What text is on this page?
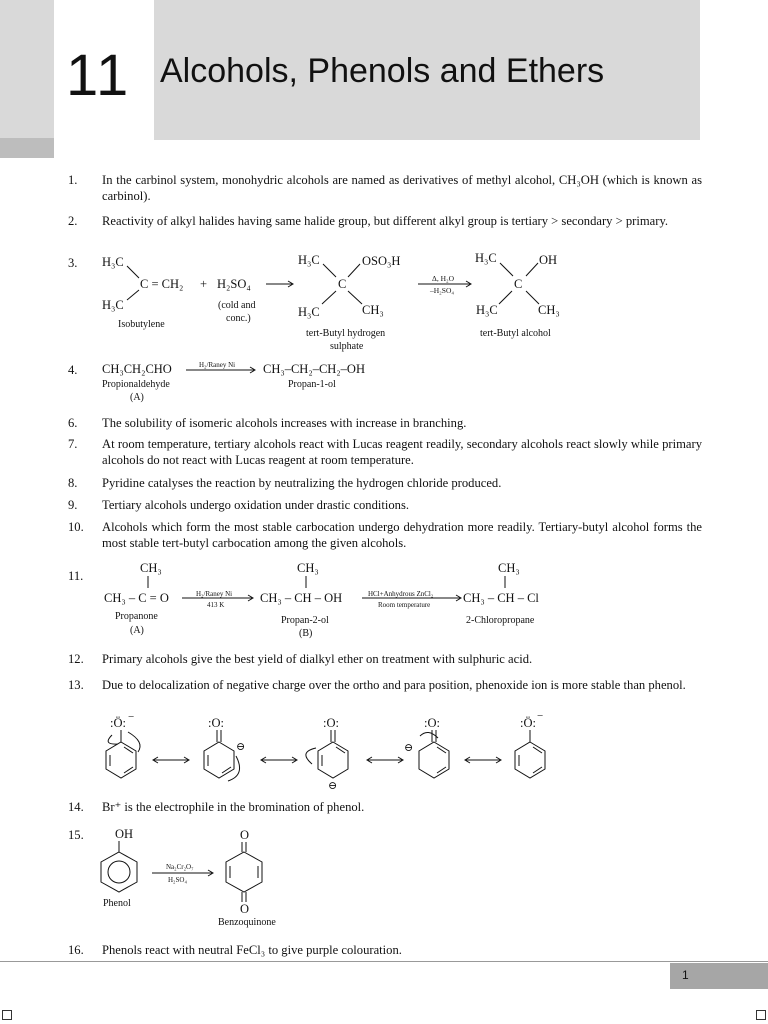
11 Alcohols, Phenols and Ethers
1. In the carbinol system, monohydric alcohols are named as derivatives of methyl alcohol, CH₃OH (which is known as carbinol).
2. Reactivity of alkyl halides having same halide group, but different alkyl group is tertiary > secondary > primary.
3.
4.
6. The solubility of isomeric alcohols increases with increase in branching.
7. At room temperature, tertiary alcohols react with Lucas reagent readily, secondary alcohols react slowly while primary alcohols do not react with Lucas reagent at room temperature.
8. Pyridine catalyses the reaction by neutralizing the hydrogen chloride produced.
9. Tertiary alcohols undergo oxidation under drastic conditions.
10. Alcohols which form the most stable carbocation undergo dehydration more readily. Tertiary-butyl alcohol forms the most stable tert-butyl carbocation among the given alcohols.
11.
12. Primary alcohols give the best yield of dialkyl ether on treatment with sulphuric acid.
13. Due to delocalization of negative charge over the ortho and para position, phenoxide ion is more stable than phenol.
14. Br⁺ is the electrophile in the bromination of phenol.
15.
16. Phenols react with neutral FeCl₃ to give purple colouration.
H₃C
C = CH₂
H₃C
+ H₂SO₄
(cold and
conc.)
Isobutylene
H₃C
C
OSO₃H
H₃C	CH₃
tert-Butyl hydrogen
sulphate
Δ, H₂O
–H₂SO₄
H₃C	OH
C
H₃C	CH₃
tert-Butyl alcohol
CH₃CH₂CHO	H₂/Raney Ni CH₃–CH₂–CH₂–OH
Propionaldehyde
(A)
Propan-1-ol
CH₃
CH₃ – C = O	H₂/Raney Ni
413 K
CH₃
CH₃ – CH – OH	HCl+Anhydrous ZnCl₂
Room temperature
CH₃
CH₃ – CH – Cl
Propanone
(A)
Propan-2-ol
(B)
2-Chloropropane
:Ö: −	:O:
⊖
:O:
⊖
:O:
⊖
:Ö: −
OH
Phenol
Na₂Cr₂O₇
H₂SO₄
O
O
Benzoquinone
1
